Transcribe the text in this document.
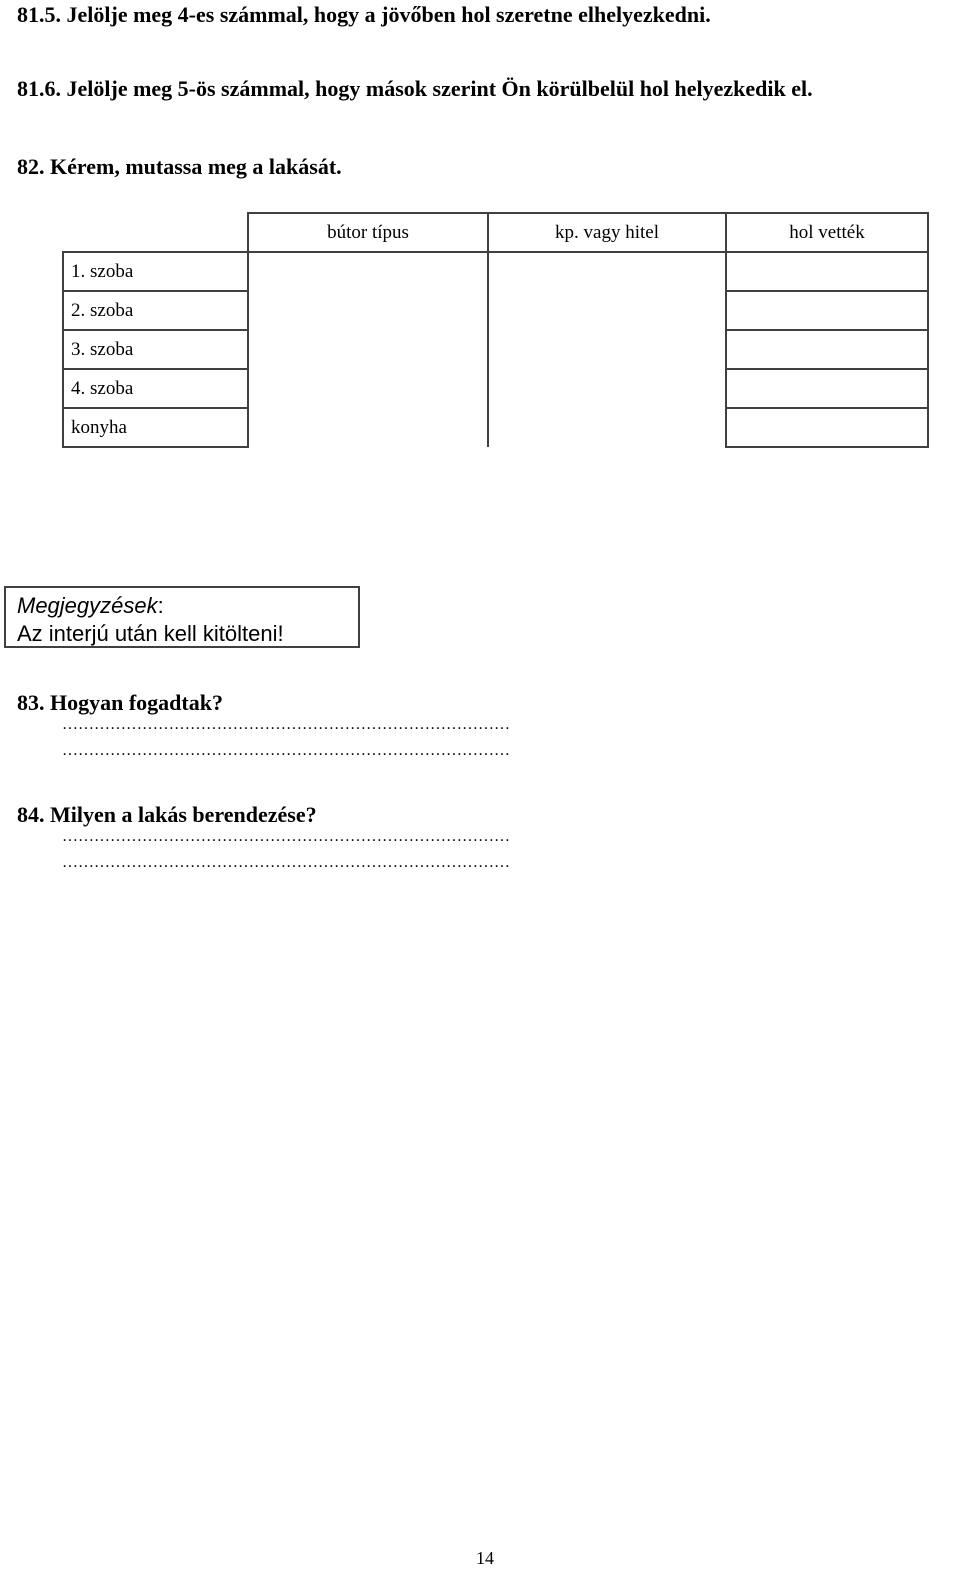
81.5. Jelölje meg 4-es számmal, hogy a jövőben hol szeretne elhelyezkedni.

81.6. Jelölje meg 5-ös számmal, hogy mások szerint Ön körülbelül hol helyezkedik el.

82. Kérem, mutassa meg a lakását.

	bútor típus	kp. vagy hitel	hol vették
1. szoba			
2. szoba			
3. szoba			
4. szoba			
konyha			
Megjegyzések:
Az interjú után kell kitölteni!

83. Hogyan fogadtak?

…………………………………………………………………………
…………………………………………………………………………

84. Milyen a lakás berendezése?

…………………………………………………………………………
…………………………………………………………………………
14
